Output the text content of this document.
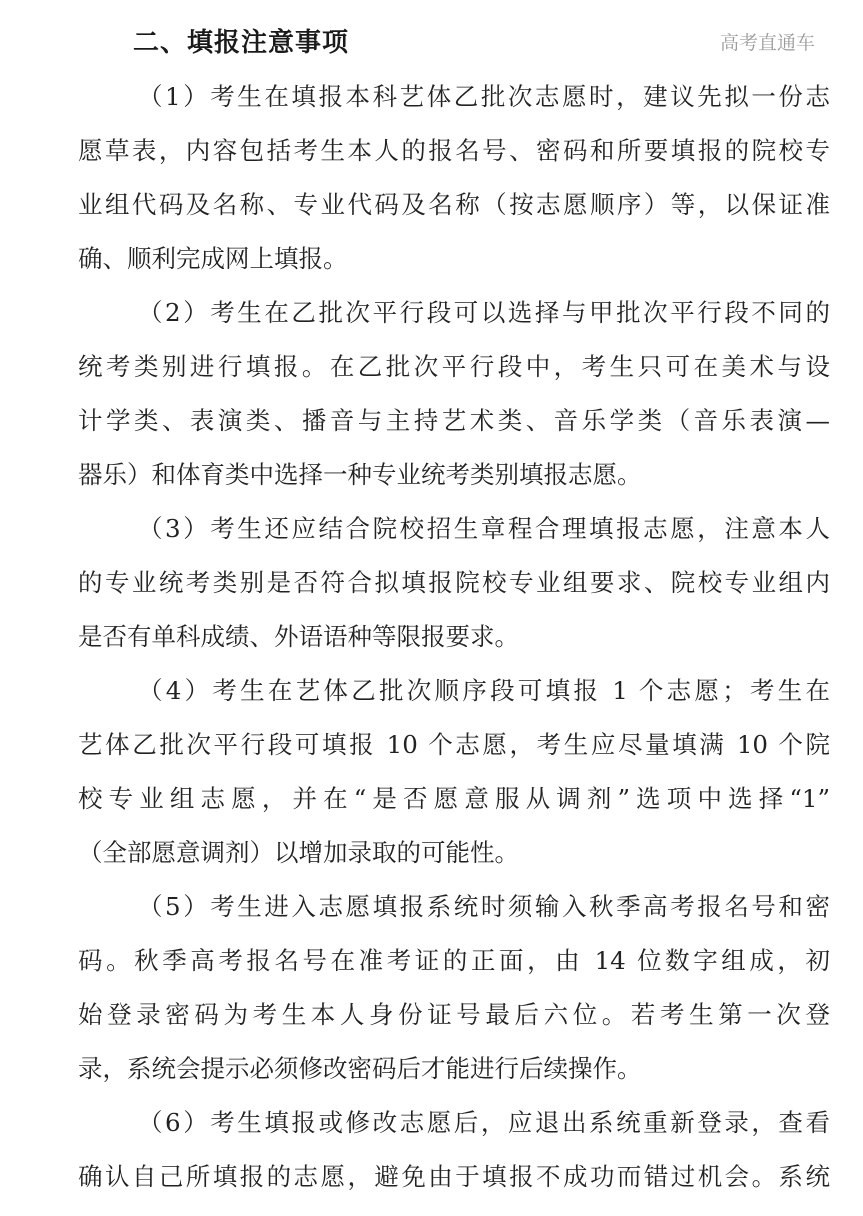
二、填报注意事项
（1）考生在填报本科艺体乙批次志愿时，建议先拟一份志
愿草表，内容包括考生本人的报名号、密码和所要填报的院校专
业组代码及名称、专业代码及名称（按志愿顺序）等，以保证准
确、顺利完成网上填报。
（2）考生在乙批次平行段可以选择与甲批次平行段不同的
统考类别进行填报。在乙批次平行段中，考生只可在美术与设
计学类、表演类、播音与主持艺术类、音乐学类（音乐表演—
器乐）和体育类中选择一种专业统考类别填报志愿。
（3）考生还应结合院校招生章程合理填报志愿，注意本人
的专业统考类别是否符合拟填报院校专业组要求、院校专业组内
是否有单科成绩、外语语种等限报要求。
（4）考生在艺体乙批次顺序段可填报 1 个志愿；考生在
艺体乙批次平行段可填报 10 个志愿，考生应尽量填满 10 个院
校专业组志愿，并在“是否愿意服从调剂”选项中选择“1”
（全部愿意调剂）以增加录取的可能性。
（5）考生进入志愿填报系统时须输入秋季高考报名号和密
码。秋季高考报名号在准考证的正面，由 14 位数字组成，初
始登录密码为考生本人身份证号最后六位。若考生第一次登
录，系统会提示必须修改密码后才能进行后续操作。
（6）考生填报或修改志愿后，应退出系统重新登录，查看
确认自己所填报的志愿，避免由于填报不成功而错过机会。系统
高考直通车
